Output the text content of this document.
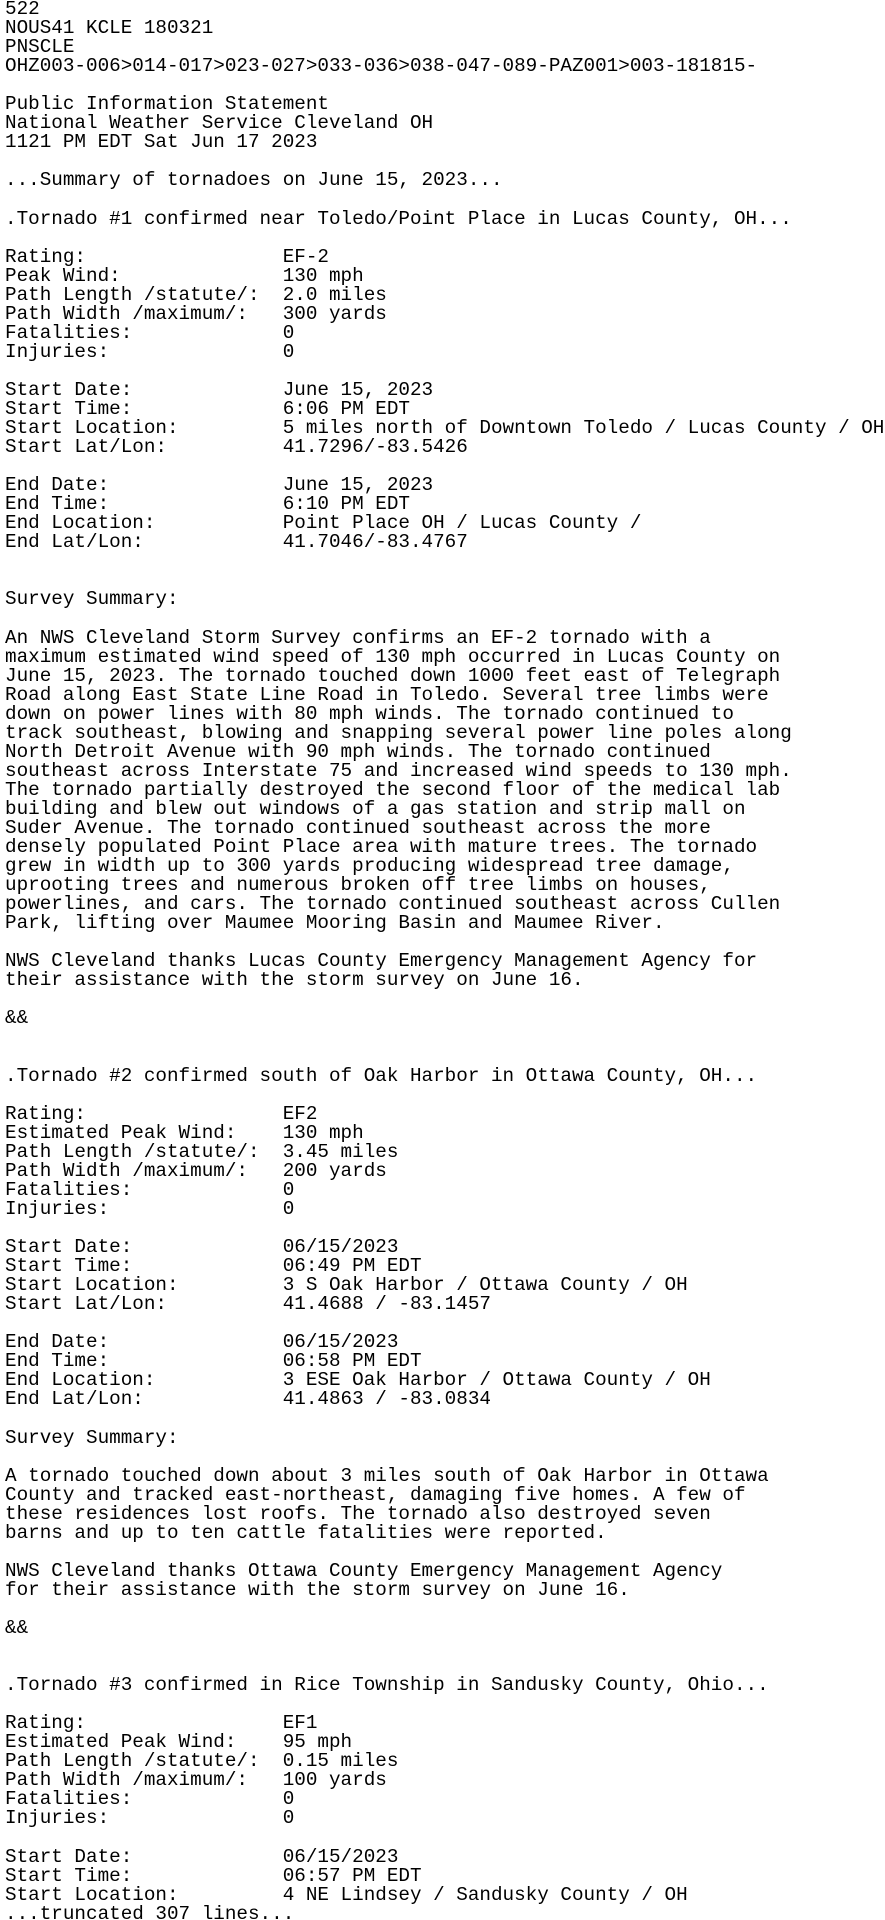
522
NOUS41 KCLE 180321
PNSCLE
OHZ003-006>014-017>023-027>033-036>038-047-089-PAZ001>003-181815-

Public Information Statement
National Weather Service Cleveland OH
1121 PM EDT Sat Jun 17 2023

...Summary of tornadoes on June 15, 2023...

.Tornado #1 confirmed near Toledo/Point Place in Lucas County, OH...

Rating:                 EF-2
Peak Wind:              130 mph
Path Length /statute/:  2.0 miles
Path Width /maximum/:   300 yards
Fatalities:             0
Injuries:               0

Start Date:             June 15, 2023
Start Time:             6:06 PM EDT
Start Location:         5 miles north of Downtown Toledo / Lucas County / OH
Start Lat/Lon:          41.7296/-83.5426

End Date:               June 15, 2023
End Time:               6:10 PM EDT
End Location:           Point Place OH / Lucas County /
End Lat/Lon:            41.7046/-83.4767

Survey Summary:

An NWS Cleveland Storm Survey confirms an EF-2 tornado with a
maximum estimated wind speed of 130 mph occurred in Lucas County on
June 15, 2023. The tornado touched down 1000 feet east of Telegraph
Road along East State Line Road in Toledo. Several tree limbs were
down on power lines with 80 mph winds. The tornado continued to
track southeast, blowing and snapping several power line poles along
North Detroit Avenue with 90 mph winds. The tornado continued
southeast across Interstate 75 and increased wind speeds to 130 mph.
The tornado partially destroyed the second floor of the medical lab
building and blew out windows of a gas station and strip mall on
Suder Avenue. The tornado continued southeast across the more
densely populated Point Place area with mature trees. The tornado
grew in width up to 300 yards producing widespread tree damage,
uprooting trees and numerous broken off tree limbs on houses,
powerlines, and cars. The tornado continued southeast across Cullen
Park, lifting over Maumee Mooring Basin and Maumee River.

NWS Cleveland thanks Lucas County Emergency Management Agency for
their assistance with the storm survey on June 16.

&&

.Tornado #2 confirmed south of Oak Harbor in Ottawa County, OH...

Rating:                 EF2
Estimated Peak Wind:    130 mph
Path Length /statute/:  3.45 miles
Path Width /maximum/:   200 yards
Fatalities:             0
Injuries:               0

Start Date:             06/15/2023
Start Time:             06:49 PM EDT
Start Location:         3 S Oak Harbor / Ottawa County / OH
Start Lat/Lon:          41.4688 / -83.1457

End Date:               06/15/2023
End Time:               06:58 PM EDT
End Location:           3 ESE Oak Harbor / Ottawa County / OH
End Lat/Lon:            41.4863 / -83.0834

Survey Summary:

A tornado touched down about 3 miles south of Oak Harbor in Ottawa
County and tracked east-northeast, damaging five homes. A few of
these residences lost roofs. The tornado also destroyed seven
barns and up to ten cattle fatalities were reported.

NWS Cleveland thanks Ottawa County Emergency Management Agency
for their assistance with the storm survey on June 16.

&&

.Tornado #3 confirmed in Rice Township in Sandusky County, Ohio...

Rating:                 EF1
Estimated Peak Wind:    95 mph
Path Length /statute/:  0.15 miles
Path Width /maximum/:   100 yards
Fatalities:             0
Injuries:               0

Start Date:             06/15/2023
Start Time:             06:57 PM EDT
Start Location:         4 NE Lindsey / Sandusky County / OH
...truncated 307 lines...
